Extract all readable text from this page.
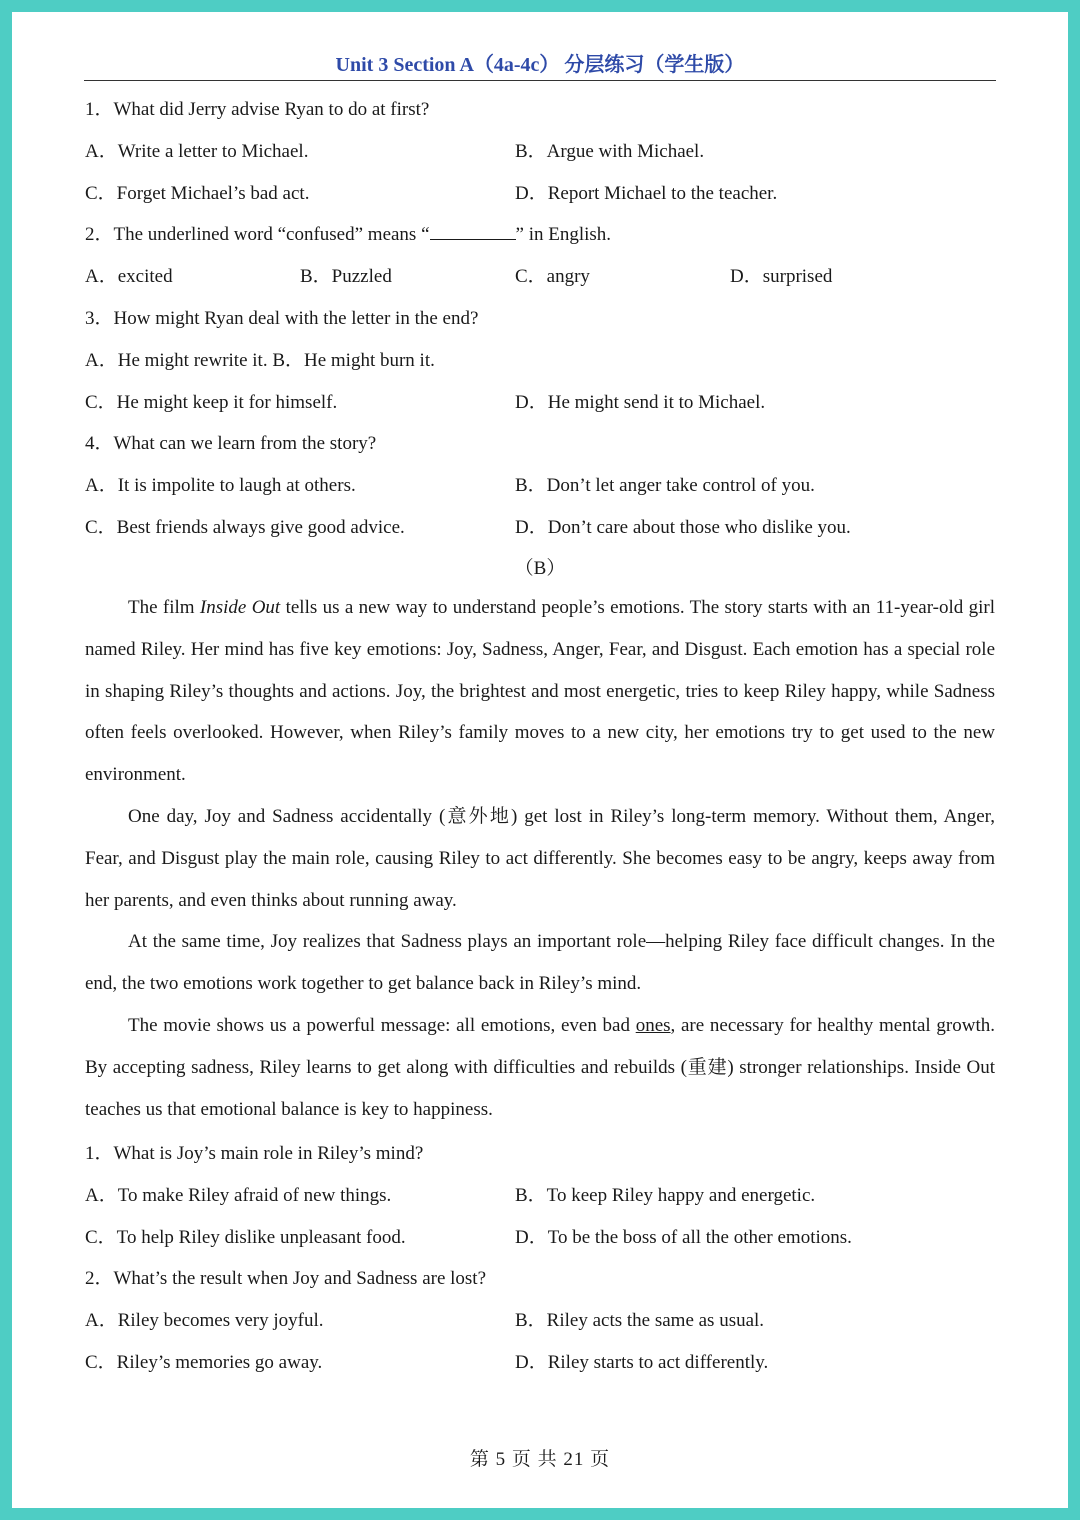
Unit 3 Section A（4a-4c） 分层练习（学生版）
1．What did Jerry advise Ryan to do at first?
A．Write a letter to Michael.	B．Argue with Michael.
C．Forget Michael’s bad act.	D．Report Michael to the teacher.
2．The underlined word “confused” means “	” in English.
A．excited	B．Puzzled	C．angry	D．surprised
3．How might Ryan deal with the letter in the end?
A．He might rewrite it. B．He might burn it.
C．He might keep it for himself.	D．He might send it to Michael.
4．What can we learn from the story?
A．It is impolite to laugh at others.	B．Don’t let anger take control of you.
C．Best friends always give good advice.	D．Don’t care about those who dislike you.
（B）
The film Inside Out tells us a new way to understand people’s emotions. The story starts with an 11-year-old girl named Riley. Her mind has five key emotions: Joy, Sadness, Anger, Fear, and Disgust. Each emotion has a special role in shaping Riley’s thoughts and actions. Joy, the brightest and most energetic, tries to keep Riley happy, while Sadness often feels overlooked. However, when Riley’s family moves to a new city, her emotions try to get used to the new environment.
One day, Joy and Sadness accidentally (意外地) get lost in Riley’s long-term memory. Without them, Anger, Fear, and Disgust play the main role, causing Riley to act differently. She becomes easy to be angry, keeps away from her parents, and even thinks about running away.
At the same time, Joy realizes that Sadness plays an important role—helping Riley face difficult changes. In the end, the two emotions work together to get balance back in Riley’s mind.
The movie shows us a powerful message: all emotions, even bad ones, are necessary for healthy mental growth. By accepting sadness, Riley learns to get along with difficulties and rebuilds (重建) stronger relationships. Inside Out teaches us that emotional balance is key to happiness.
1．What is Joy’s main role in Riley’s mind?
A．To make Riley afraid of new things.	B．To keep Riley happy and energetic.
C．To help Riley dislike unpleasant food.	D．To be the boss of all the other emotions.
2．What’s the result when Joy and Sadness are lost?
A．Riley becomes very joyful.	B．Riley acts the same as usual.
C．Riley’s memories go away.	D．Riley starts to act differently.
第 5 页 共 21 页
